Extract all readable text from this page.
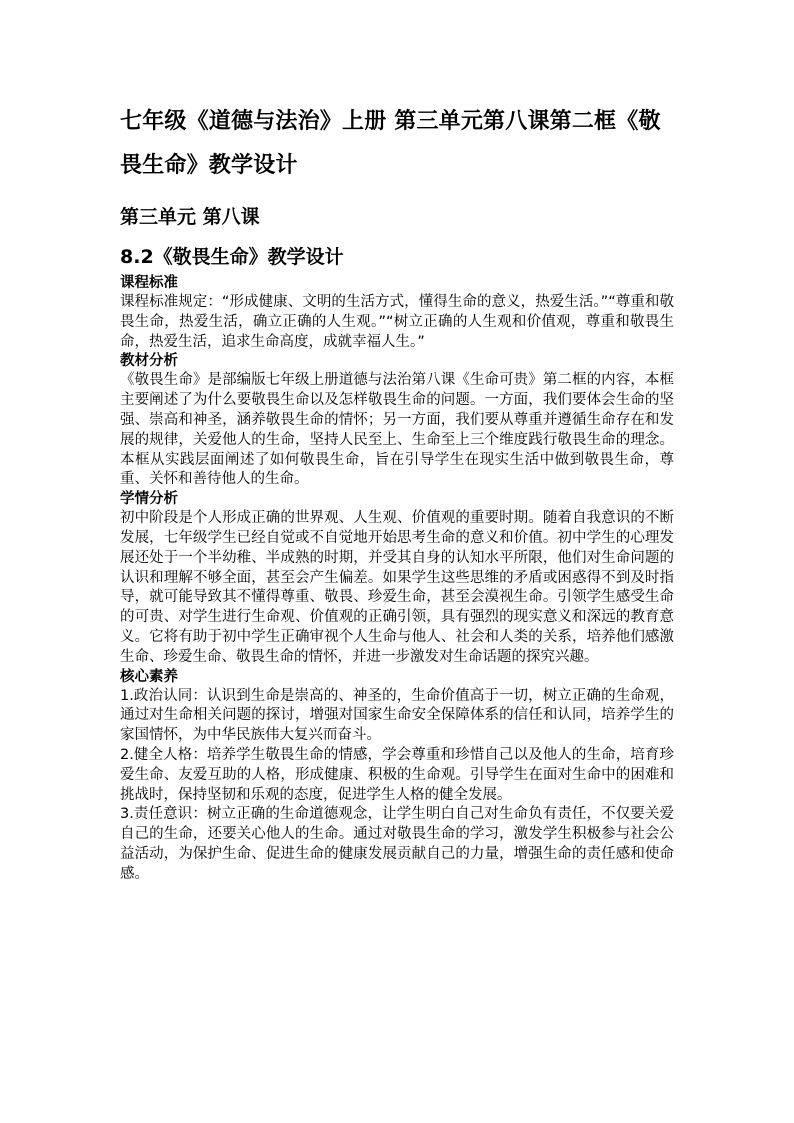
七年级《道德与法治》上册 第三单元第八课第二框《敬畏生命》教学设计
第三单元 第八课
8.2《敬畏生命》教学设计
课程标准

课程标准规定：“形成健康、文明的生活方式，懂得生命的意义，热爱生活。”“尊重和敬畏生命，热爱生活，确立正确的人生观。”“树立正确的人生观和价值观，尊重和敬畏生命，热爱生活，追求生命高度，成就幸福人生。”

教材分析

《敬畏生命》是部编版七年级上册道德与法治第八课《生命可贵》第二框的内容，本框主要阐述了为什么要敬畏生命以及怎样敬畏生命的问题。一方面，我们要体会生命的坚强、崇高和神圣，涵养敬畏生命的情怀；另一方面，我们要从尊重并遵循生命存在和发展的规律，关爱他人的生命，坚持人民至上、生命至上三个维度践行敬畏生命的理念。本框从实践层面阐述了如何敬畏生命，旨在引导学生在现实生活中做到敬畏生命，尊重、关怀和善待他人的生命。

学情分析

初中阶段是个人形成正确的世界观、人生观、价值观的重要时期。随着自我意识的不断发展，七年级学生已经自觉或不自觉地开始思考生命的意义和价值。初中学生的心理发展还处于一个半幼稚、半成熟的时期，并受其自身的认知水平所限，他们对生命问题的认识和理解不够全面，甚至会产生偏差。如果学生这些思维的矛盾或困惑得不到及时指导，就可能导致其不懂得尊重、敬畏、珍爱生命，甚至会漠视生命。引领学生感受生命的可贵、对学生进行生命观、价值观的正确引领，具有强烈的现实意义和深远的教育意义。它将有助于初中学生正确审视个人生命与他人、社会和人类的关系，培养他们感激生命、珍爱生命、敬畏生命的情怀，并进一步激发对生命话题的探究兴趣。

核心素养

1.政治认同：认识到生命是崇高的、神圣的，生命价值高于一切，树立正确的生命观，通过对生命相关问题的探讨，增强对国家生命安全保障体系的信任和认同，培养学生的家国情怀，为中华民族伟大复兴而奋斗。

2.健全人格：培养学生敬畏生命的情感，学会尊重和珍惜自己以及他人的生命，培育珍爱生命、友爱互助的人格，形成健康、积极的生命观。引导学生在面对生命中的困难和挑战时，保持坚韧和乐观的态度，促进学生人格的健全发展。

3.责任意识：树立正确的生命道德观念，让学生明白自己对生命负有责任，不仅要关爱自己的生命，还要关心他人的生命。通过对敬畏生命的学习，激发学生积极参与社会公益活动，为保护生命、促进生命的健康发展贡献自己的力量，增强生命的责任感和使命感。
